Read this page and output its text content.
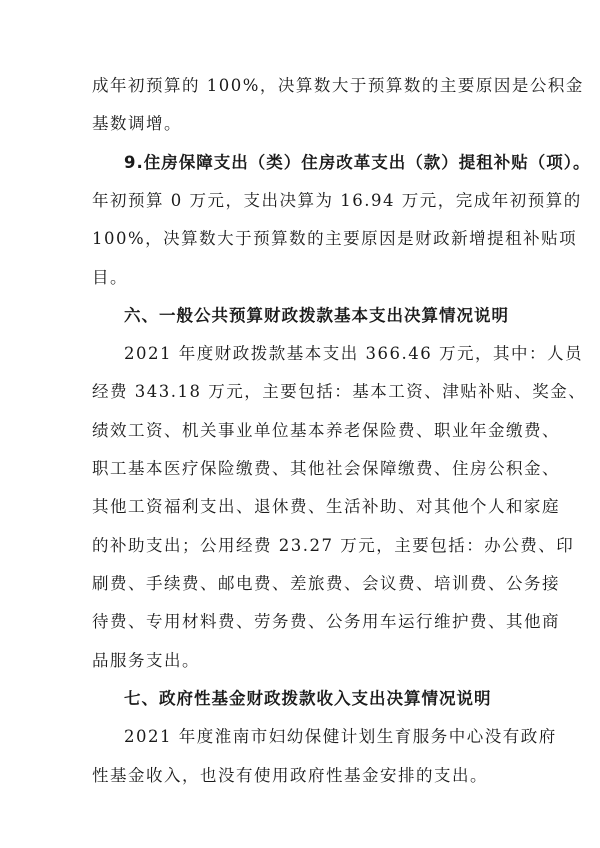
成年初预算的 100%，决算数大于预算数的主要原因是公积金
基数调增。
9.住房保障支出（类）住房改革支出（款）提租补贴（项）。
年初预算 0 万元，支出决算为 16.94 万元，完成年初预算的
100%，决算数大于预算数的主要原因是财政新增提租补贴项
目。
六、一般公共预算财政拨款基本支出决算情况说明
2021 年度财政拨款基本支出 366.46 万元，其中：人员
经费 343.18 万元，主要包括：基本工资、津贴补贴、奖金、
绩效工资、机关事业单位基本养老保险费、职业年金缴费、
职工基本医疗保险缴费、其他社会保障缴费、住房公积金、
其他工资福利支出、退休费、生活补助、对其他个人和家庭
的补助支出；公用经费 23.27 万元，主要包括：办公费、印
刷费、手续费、邮电费、差旅费、会议费、培训费、公务接
待费、专用材料费、劳务费、公务用车运行维护费、其他商
品服务支出。
七、政府性基金财政拨款收入支出决算情况说明
2021 年度淮南市妇幼保健计划生育服务中心没有政府
性基金收入，也没有使用政府性基金安排的支出。
